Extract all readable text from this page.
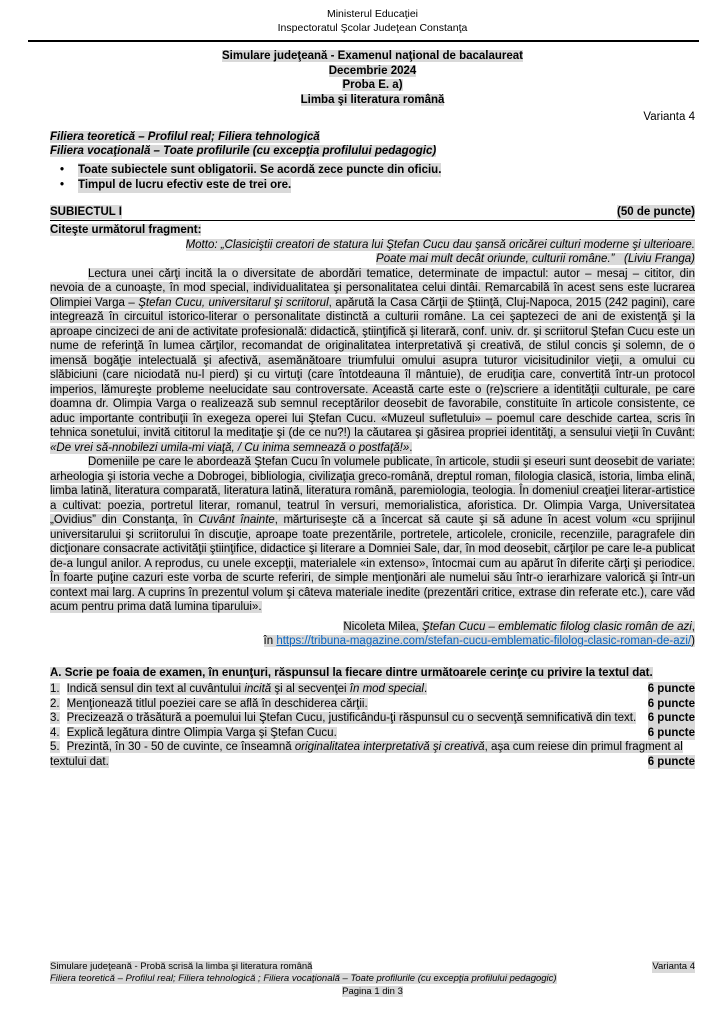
Ministerul Educaţiei
Inspectoratul Şcolar Judeţean Constanţa
Simulare judeţeană - Examenul naţional de bacalaureat
Decembrie 2024
Proba E. a)
Limba şi literatura română
Varianta 4
Filiera teoretică – Profilul real; Filiera tehnologică
Filiera vocaţională – Toate profilurile (cu excepţia profilului pedagogic)
•	Toate subiectele sunt obligatorii. Se acordă zece puncte din oficiu.
•	Timpul de lucru efectiv este de trei ore.
SUBIECTUL I	(50 de puncte)
Citeşte următorul fragment:
Motto: „Clasiciştii creatori de statura lui Ştefan Cucu dau şansă oricărei culturi moderne şi ulterioare.
Poate mai mult decât oriunde, culturii române.”   (Liviu Franga)
Lectura unei cărţi incită la o diversitate de abordări tematice, determinate de impactul: autor – mesaj – cititor, din nevoia de a cunoaşte, în mod special, individualitatea şi personalitatea celui dintâi. Remarcabilă în acest sens este lucrarea Olimpiei Varga – Ştefan Cucu, universitarul şi scriitorul, apărută la Casa Cărţii de Ştiinţă, Cluj-Napoca, 2015 (242 pagini), care integrează în circuitul istorico-literar o personalitate distinctă a culturii române. La cei şaptezeci de ani de existenţă şi la aproape cincizeci de ani de activitate profesională: didactică, ştiinţifică şi literară, conf. univ. dr. şi scriitorul Ştefan Cucu este un nume de referinţă în lumea cărţilor, recomandat de originalitatea interpretativă şi creativă, de stilul concis şi solemn, de o imensă bogăţie intelectuală şi afectivă, asemănătoare triumfului omului asupra tuturor vicisitudinilor vieţii, a omului cu slăbiciuni (care niciodată nu-l pierd) şi cu virtuţi (care întotdeauna îl mântuie), de erudiţia care, convertită într-un protocol imperios, lămureşte probleme neelucidate sau controversate. Această carte este o (re)scriere a identităţii culturale, pe care doamna dr. Olimpia Varga o realizează sub semnul receptărilor deosebit de favorabile, constituite în articole consistente, ce aduc importante contribuţii în exegeza operei lui Ştefan Cucu. «Muzeul sufletului» – poemul care deschide cartea, scris în tehnica sonetului, invită cititorul la meditaţie şi (de ce nu?!) la căutarea şi găsirea propriei identităţi, a sensului vieţii în Cuvânt: «De vrei să-nnobilezi umila-mi viaţă, / Cu inima semnează o postfaţă!».
Domeniile pe care le abordează Ştefan Cucu în volumele publicate, în articole, studii şi eseuri sunt deosebit de variate: arheologia şi istoria veche a Dobrogei, bibliologia, civilizaţia greco-română, dreptul roman, filologia clasică, istoria, limba elină, limba latină, literatura comparată, literatura latină, literatura română, paremiologia, teologia. În domeniul creaţiei literar-artistice a cultivat: poezia, portretul literar, romanul, teatrul în versuri, memorialistica, aforistica. Dr. Olimpia Varga, Universitatea „Ovidius” din Constanţa, în Cuvânt înainte, mărturiseşte că a încercat să caute şi să adune în acest volum «cu sprijinul universitarului şi scriitorului în discuţie, aproape toate prezentările, portretele, articolele, cronicile, recenziile, paragrafele din dicţionare consacrate activităţii ştiinţifice, didactice şi literare a Domniei Sale, dar, în mod deosebit, cărţilor pe care le-a publicat de-a lungul anilor. A reprodus, cu unele excepţii, materialele «in extenso», întocmai cum au apărut în diferite cărţi şi periodice. În foarte puţine cazuri este vorba de scurte referiri, de simple menţionări ale numelui său într-o ierarhizare valorică şi într-un context mai larg. A cuprins în prezentul volum şi câteva materiale inedite (prezentări critice, extrase din referate etc.), care văd acum pentru prima dată lumina tiparului».
Nicoleta Milea, Ştefan Cucu – emblematic filolog clasic român de azi,
în https://tribuna-magazine.com/stefan-cucu-emblematic-filolog-clasic-roman-de-azi/)
A. Scrie pe foaia de examen, în enunţuri, răspunsul la fiecare dintre următoarele cerinţe cu privire la textul dat.
1. Indică sensul din text al cuvântului incită şi al secvenţei în mod special.	6 puncte
2. Menţionează titlul poeziei care se află în deschiderea cărţii.	6 puncte
3. Precizează o trăsătură a poemului lui Ştefan Cucu, justificându-ţi răspunsul cu o secvenţă semnificativă din text. 6 puncte
4. Explică legătura dintre Olimpia Varga şi Ştefan Cucu.	6 puncte
5. Prezintă, în 30 - 50 de cuvinte, ce înseamnă originalitatea interpretativă şi creativă, aşa cum reiese din primul fragment al textului dat.	6 puncte
Simulare judeţeană - Probă scrisă la limba şi literatura română	Varianta 4
Filiera teoretică – Profilul real; Filiera tehnologică ; Filiera vocaţională – Toate profilurile (cu excepţia profilului pedagogic)
Pagina 1 din 3
